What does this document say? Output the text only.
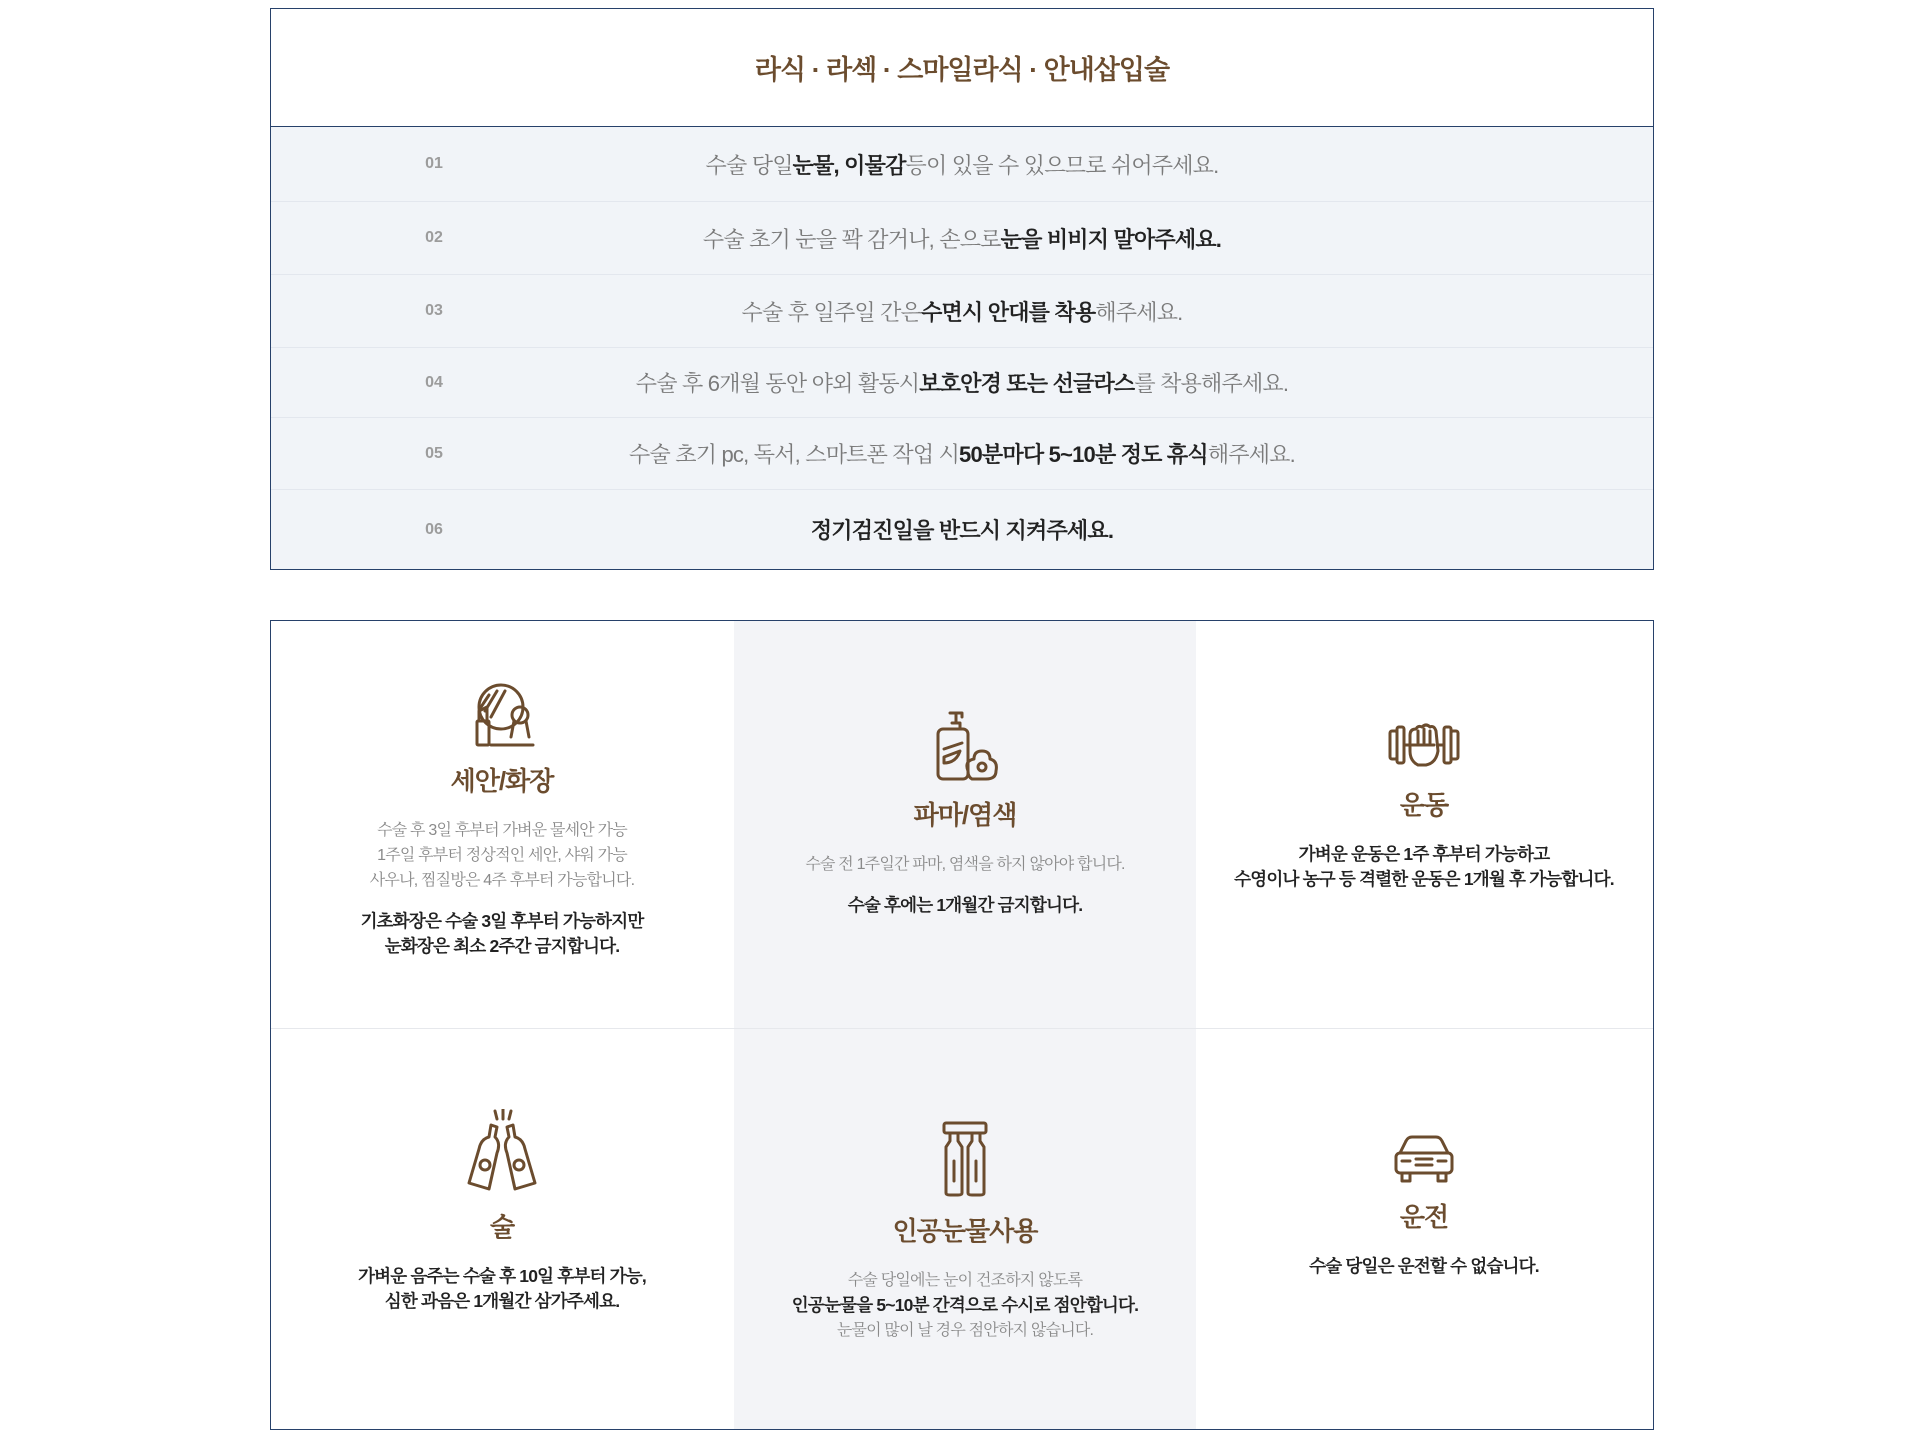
라식 · 라섹 · 스마일라식 · 안내삽입술
01	수술 당일 눈물, 이물감 등이 있을 수 있으므로 쉬어주세요.
02	수술 초기 눈을 꽉 감거나, 손으로 눈을 비비지 말아주세요.
03	수술 후 일주일 간은 수면시 안대를 착용 해주세요.
04	수술 후 6개월 동안 야외 활동시 보호안경 또는 선글라스 를 착용해주세요.
05	수술 초기 pc, 독서, 스마트폰 작업 시 50분마다 5~10분 정도 휴식 해주세요.
06	정기검진일을 반드시 지켜주세요.
세안/화장
수술 후 3일 후부터 가벼운 물세안 가능
1주일 후부터 정상적인 세안, 샤워 가능
사우나, 찜질방은 4주 후부터 가능합니다.
기초화장은 수술 3일 후부터 가능하지만
눈화장은 최소 2주간 금지합니다.
파마/염색
수술 전 1주일간 파마, 염색을 하지 않아야 합니다.
수술 후에는 1개월간 금지합니다.
운동
가벼운 운동은 1주 후부터 가능하고
수영이나 농구 등 격렬한 운동은 1개월 후 가능합니다.
술
가벼운 음주는 수술 후 10일 후부터 가능,
심한 과음은 1개월간 삼가주세요.
인공눈물사용
수술 당일에는 눈이 건조하지 않도록
인공눈물을 5~10분 간격으로 수시로 점안합니다.
눈물이 많이 날 경우 점안하지 않습니다.
운전
수술 당일은 운전할 수 없습니다.
